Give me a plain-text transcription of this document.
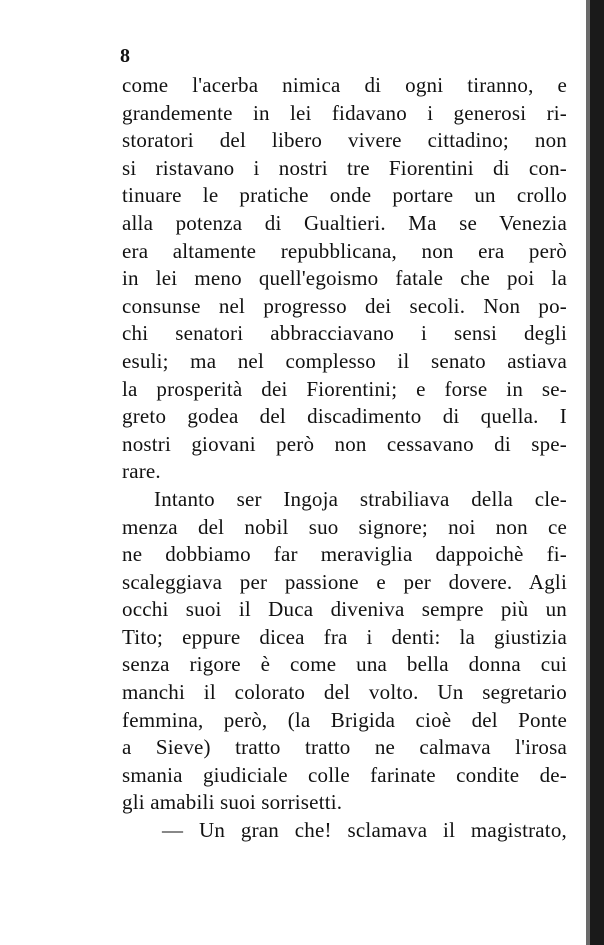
8
come l'acerba nimica di ogni tiranno, e
grandemente in lei fidavano i generosi ri-
storatori del libero vivere cittadino; non
si ristavano i nostri tre Fiorentini di con-
tinuare le pratiche onde portare un crollo
alla potenza di Gualtieri. Ma se Venezia
era altamente repubblicana, non era però
in lei meno quell'egoismo fatale che poi la
consunse nel progresso dei secoli. Non po-
chi senatori abbracciavano i sensi degli
esuli; ma nel complesso il senato astiava
la prosperità dei Fiorentini; e forse in se-
greto godea del discadimento di quella. I
nostri giovani però non cessavano di spe-
rare.
Intanto ser Ingoja strabiliava della cle-
menza del nobil suo signore; noi non ce
ne dobbiamo far meraviglia dappoichè fi-
scaleggiava per passione e per dovere. Agli
occhi suoi il Duca diveniva sempre più un
Tito; eppure dicea fra i denti: la giustizia
senza rigore è come una bella donna cui
manchi il colorato del volto. Un segretario
femmina, però, (la Brigida cioè del Ponte
a Sieve) tratto tratto ne calmava l'irosa
smania giudiciale colle farinate condite de-
gli amabili suoi sorrisetti.
— Un gran che! sclamava il magistrato,
